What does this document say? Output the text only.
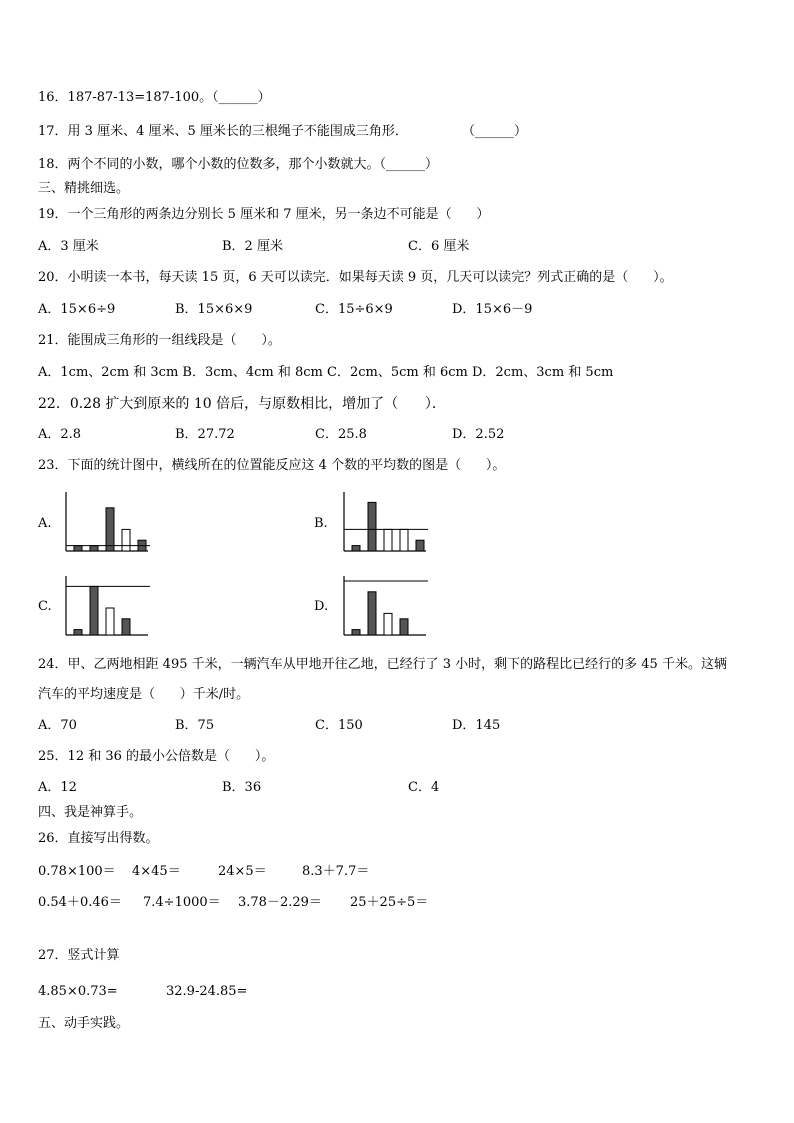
16．187-87-13=187-100。（______）
17．用 3 厘米、4 厘米、5 厘米长的三根绳子不能围成三角形．	（______）
18．两个不同的小数，哪个小数的位数多，那个小数就大。（______）
三、精挑细选。
19．一个三角形的两条边分别长 5 厘米和 7 厘米，另一条边不可能是（      ）
A．3 厘米	B．2 厘米	C．6 厘米
20．小明读一本书，每天读 15 页，6 天可以读完．如果每天读 9 页，几天可以读完？列式正确的是（      ）。
A．15×6÷9	B．15×6×9	C．15÷6×9	D．15×6－9
21．能围成三角形的一组线段是（      ）。
A．1cm、2cm 和 3cm B．3cm、4cm 和 8cm C．2cm、5cm 和 6cm D．2cm、3cm 和 5cm
22．0.28 扩大到原来的 10 倍后，与原数相比，增加了（      ）．
A．2.8	B．27.72	C．25.8	D．2.52
23．下面的统计图中，横线所在的位置能反应这 4 个数的平均数的图是（      ）。
A.	B.
C.	D.
24．甲、乙两地相距 495 千米，一辆汽车从甲地开往乙地，已经行了 3 小时，剩下的路程比已经行的多 45 千米。这辆
汽车的平均速度是（      ）千米/时。
A．70	B．75	C．150	D．145
25．12 和 36 的最小公倍数是（      ）。
A．12	B．36	C．4
四、我是神算手。
26．直接写出得数。
0.78×100＝ 4×45＝	24×5＝	8.3＋7.7＝
0.54＋0.46＝ 7.4÷1000＝ 3.78－2.29＝ 25＋25÷5＝
27．竖式计算
4.85×0.73=	32.9-24.85=
五、动手实践。
